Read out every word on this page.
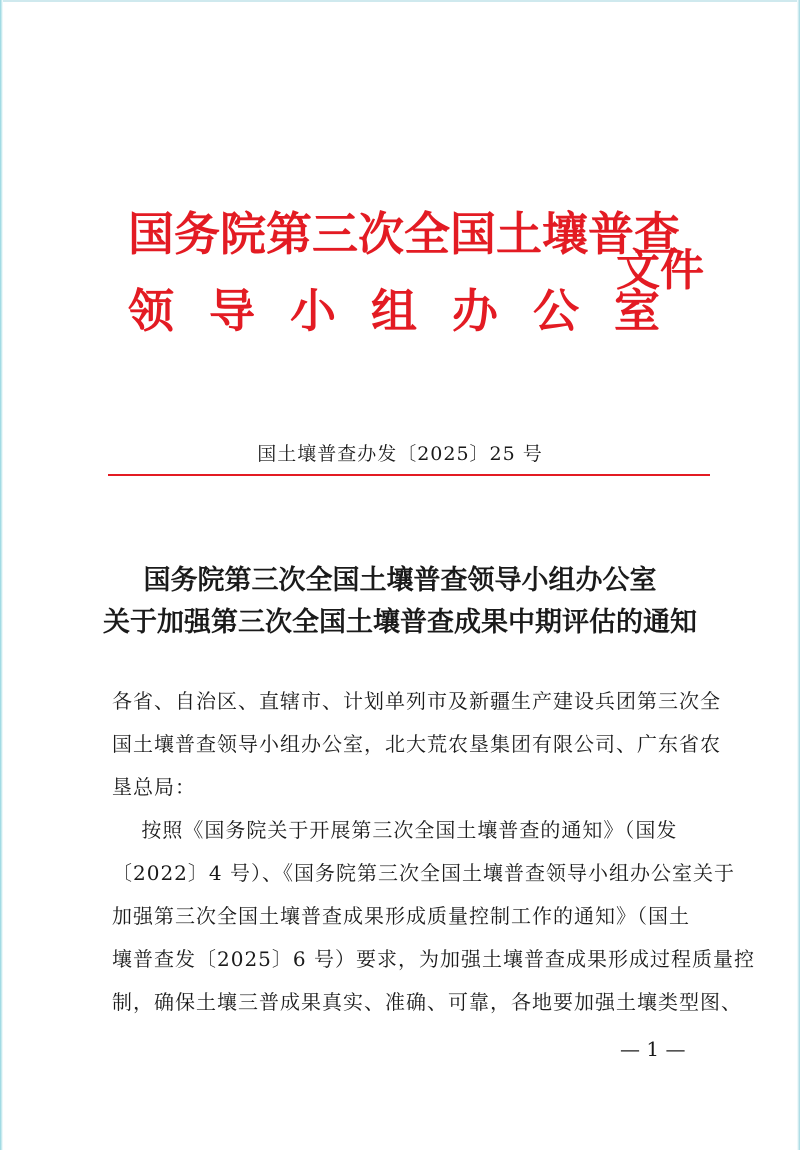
国务院第三次全国土壤普查
领导小组办公室
文件
国土壤普查办发〔2025〕25 号
国务院第三次全国土壤普查领导小组办公室
关于加强第三次全国土壤普查成果中期评估的通知
各省、自治区、直辖市、计划单列市及新疆生产建设兵团第三次全
国土壤普查领导小组办公室，北大荒农垦集团有限公司、广东省农
垦总局：
按照《国务院关于开展第三次全国土壤普查的通知》（国发
〔2022〕4 号）、《国务院第三次全国土壤普查领导小组办公室关于
加强第三次全国土壤普查成果形成质量控制工作的通知》（国土
壤普查发〔2025〕6 号）要求，为加强土壤普查成果形成过程质量控
制，确保土壤三普成果真实、准确、可靠，各地要加强土壤类型图、
— 1 —
